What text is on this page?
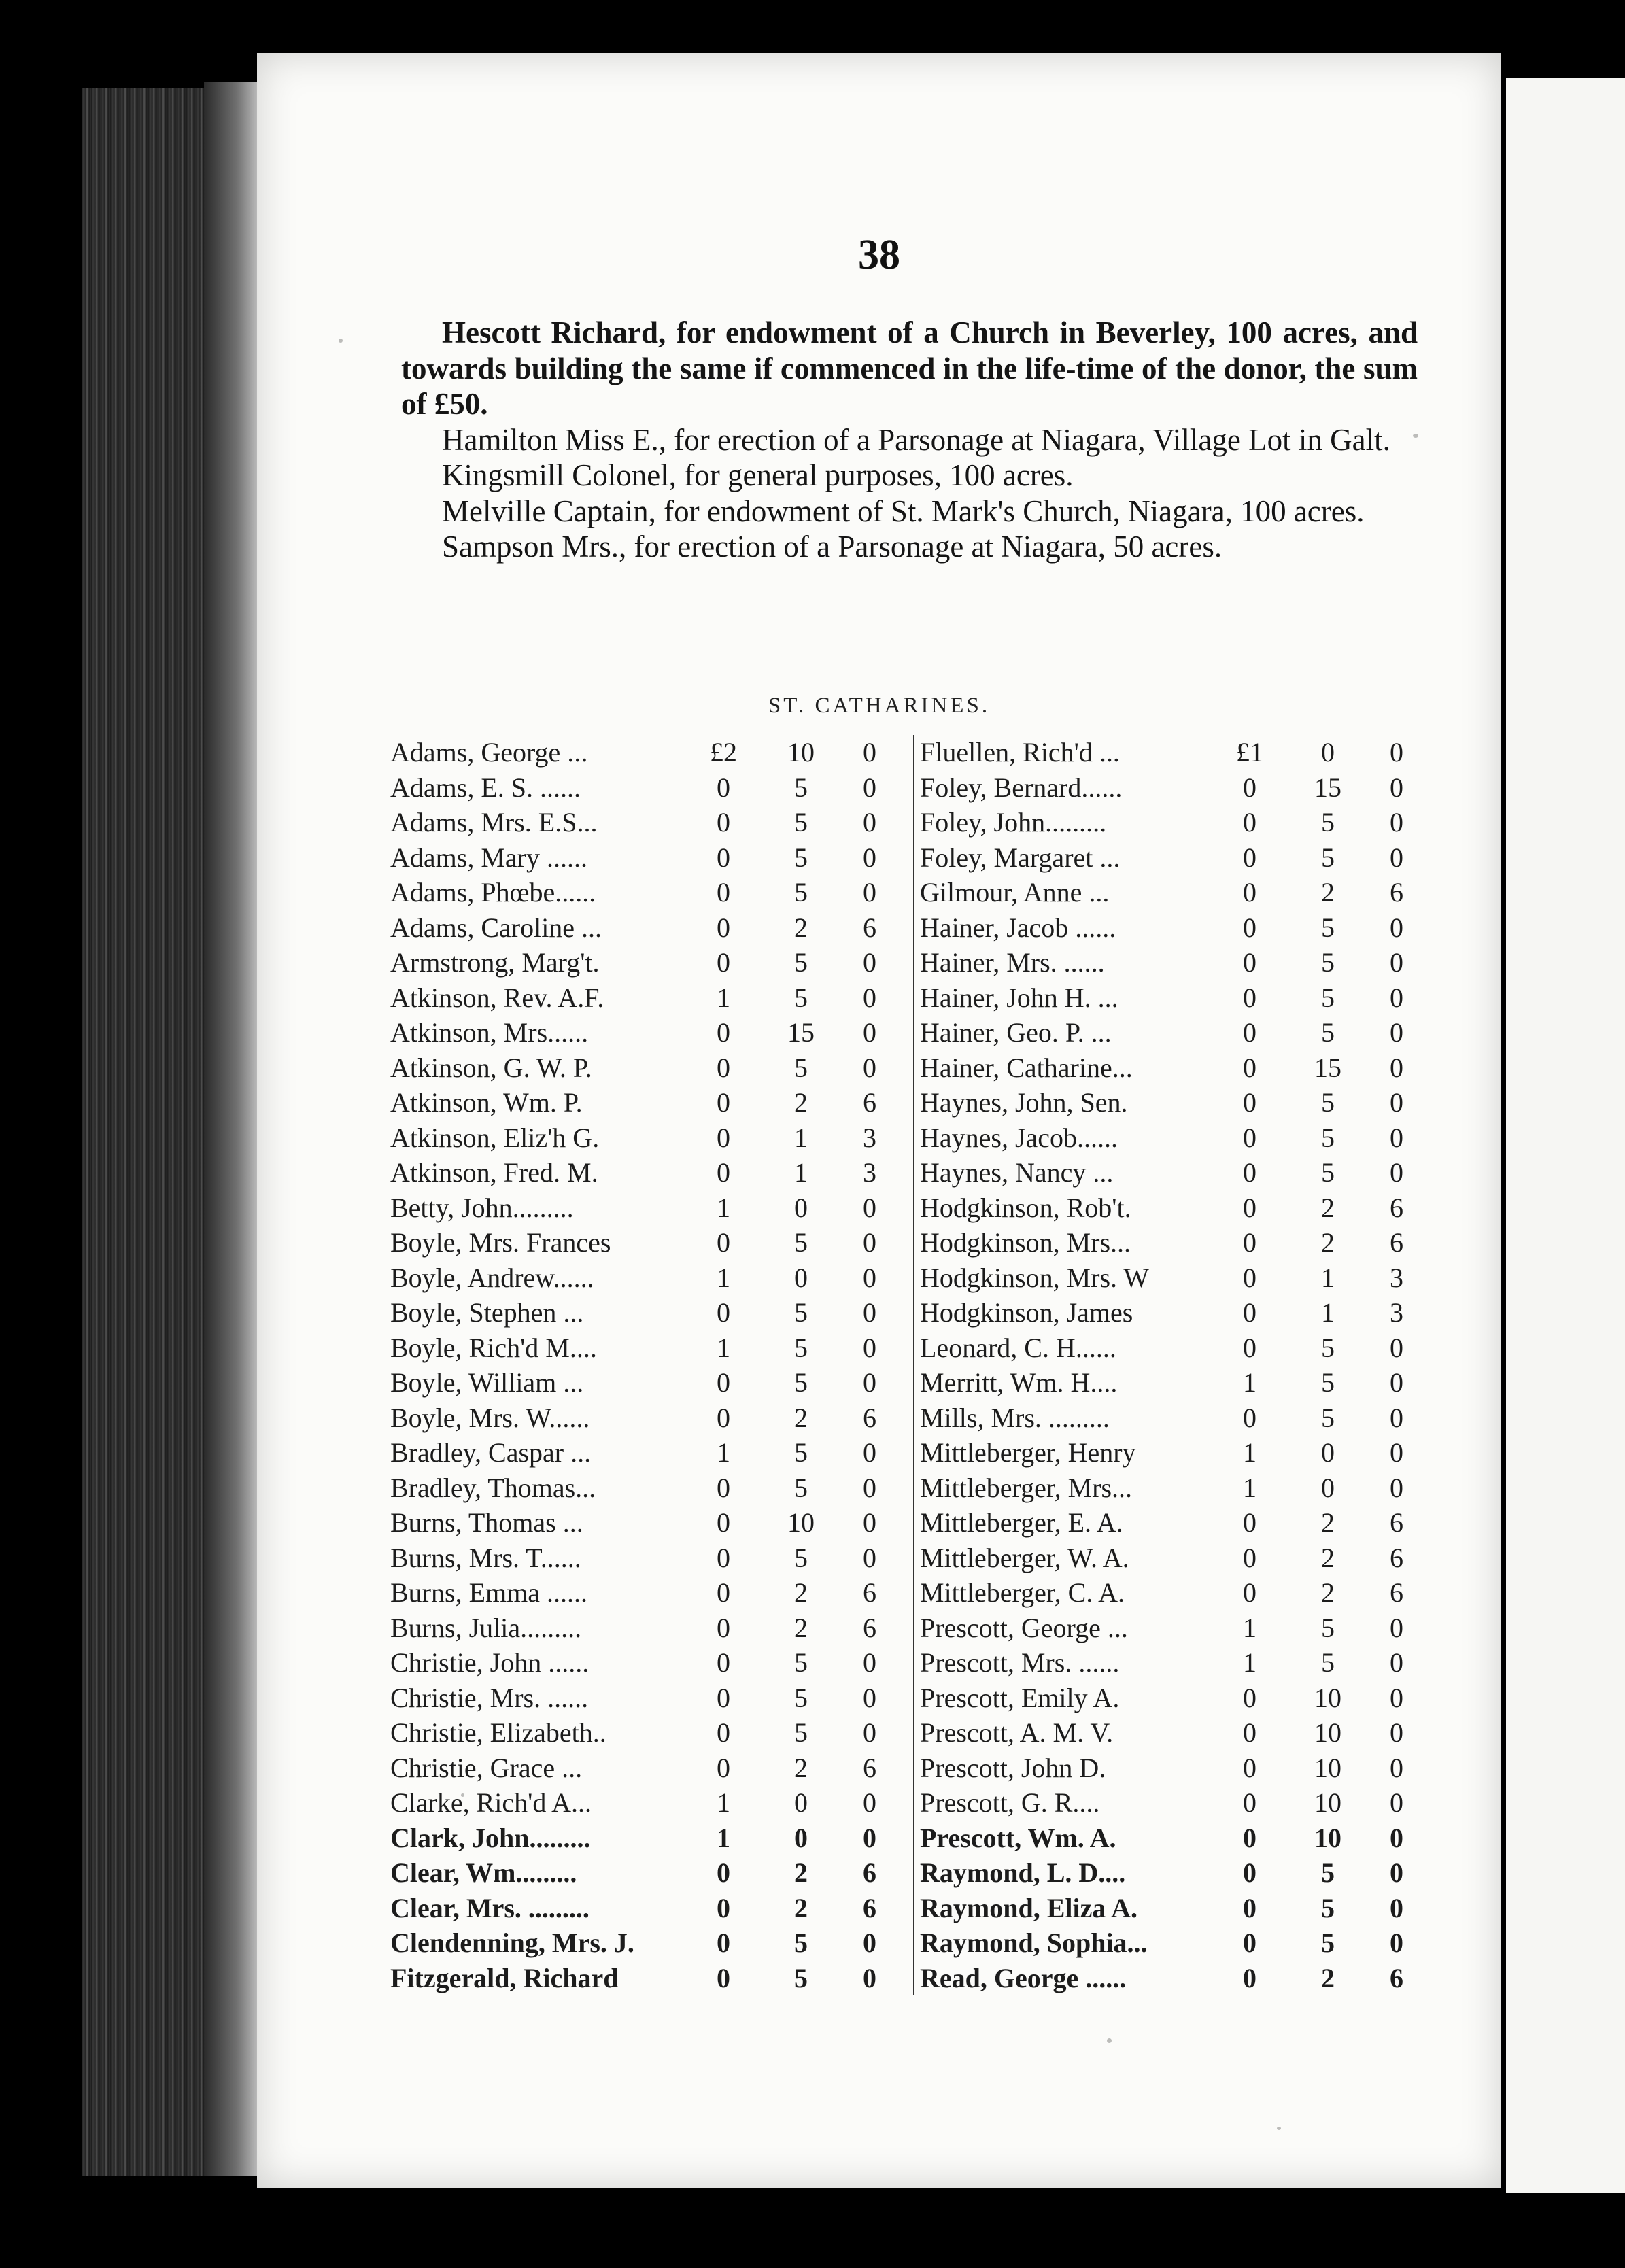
38

Hescott Richard, for endowment of a Church in Beverley, 100 acres, and towards building the same if commenced in the life-time of the donor, the sum of £50.

Hamilton Miss E., for erection of a Parsonage at Niagara, Village Lot in Galt.

Kingsmill Colonel, for general purposes, 100 acres.

Melville Captain, for endowment of St. Mark's Church, Niagara, 100 acres.

Sampson Mrs., for erection of a Parsonage at Niagara, 50 acres.

ST. CATHARINES.
Adams, George ...	£2	10	0
Adams, E. S. ......	0	5	0
Adams, Mrs. E.S...	0	5	0
Adams, Mary ......	0	5	0
Adams, Phœbe......	0	5	0
Adams, Caroline ...	0	2	6
Armstrong, Marg't.	0	5	0
Atkinson, Rev. A.F.	1	5	0
Atkinson, Mrs......	0	15	0
Atkinson, G. W. P.	0	5	0
Atkinson, Wm. P.	0	2	6
Atkinson, Eliz'h G.	0	1	3
Atkinson, Fred. M.	0	1	3
Betty, John.........	1	0	0
Boyle, Mrs. Frances	0	5	0
Boyle, Andrew......	1	0	0
Boyle, Stephen ...	0	5	0
Boyle, Rich'd M....	1	5	0
Boyle, William ...	0	5	0
Boyle, Mrs. W......	0	2	6
Bradley, Caspar ...	1	5	0
Bradley, Thomas...	0	5	0
Burns, Thomas ...	0	10	0
Burns, Mrs. T......	0	5	0
Burns, Emma ......	0	2	6
Burns, Julia.........	0	2	6
Christie, John ......	0	5	0
Christie, Mrs. ......	0	5	0
Christie, Elizabeth..	0	5	0
Christie, Grace ...	0	2	6
Clarke, Rich'd A...	1	0	0
Clark, John.........	1	0	0
Clear, Wm.........	0	2	6
Clear, Mrs. .........	0	2	6
Clendenning, Mrs. J.	0	5	0
Fitzgerald, Richard	0	5	0
Fluellen, Rich'd ...	£1	0	0
Foley, Bernard......	0	15	0
Foley, John.........	0	5	0
Foley, Margaret ...	0	5	0
Gilmour, Anne ...	0	2	6
Hainer, Jacob ......	0	5	0
Hainer, Mrs. ......	0	5	0
Hainer, John H. ...	0	5	0
Hainer, Geo. P. ...	0	5	0
Hainer, Catharine...	0	15	0
Haynes, John, Sen.	0	5	0
Haynes, Jacob......	0	5	0
Haynes, Nancy ...	0	5	0
Hodgkinson, Rob't.	0	2	6
Hodgkinson, Mrs...	0	2	6
Hodgkinson, Mrs. W	0	1	3
Hodgkinson, James	0	1	3
Leonard, C. H......	0	5	0
Merritt, Wm. H....	1	5	0
Mills, Mrs. .........	0	5	0
Mittleberger, Henry	1	0	0
Mittleberger, Mrs...	1	0	0
Mittleberger, E. A.	0	2	6
Mittleberger, W. A.	0	2	6
Mittleberger, C. A.	0	2	6
Prescott, George ...	1	5	0
Prescott, Mrs. ......	1	5	0
Prescott, Emily A.	0	10	0
Prescott, A. M. V.	0	10	0
Prescott, John D.	0	10	0
Prescott, G. R....	0	10	0
Prescott, Wm. A.	0	10	0
Raymond, L. D....	0	5	0
Raymond, Eliza A.	0	5	0
Raymond, Sophia...	0	5	0
Read, George ......	0	2	6
